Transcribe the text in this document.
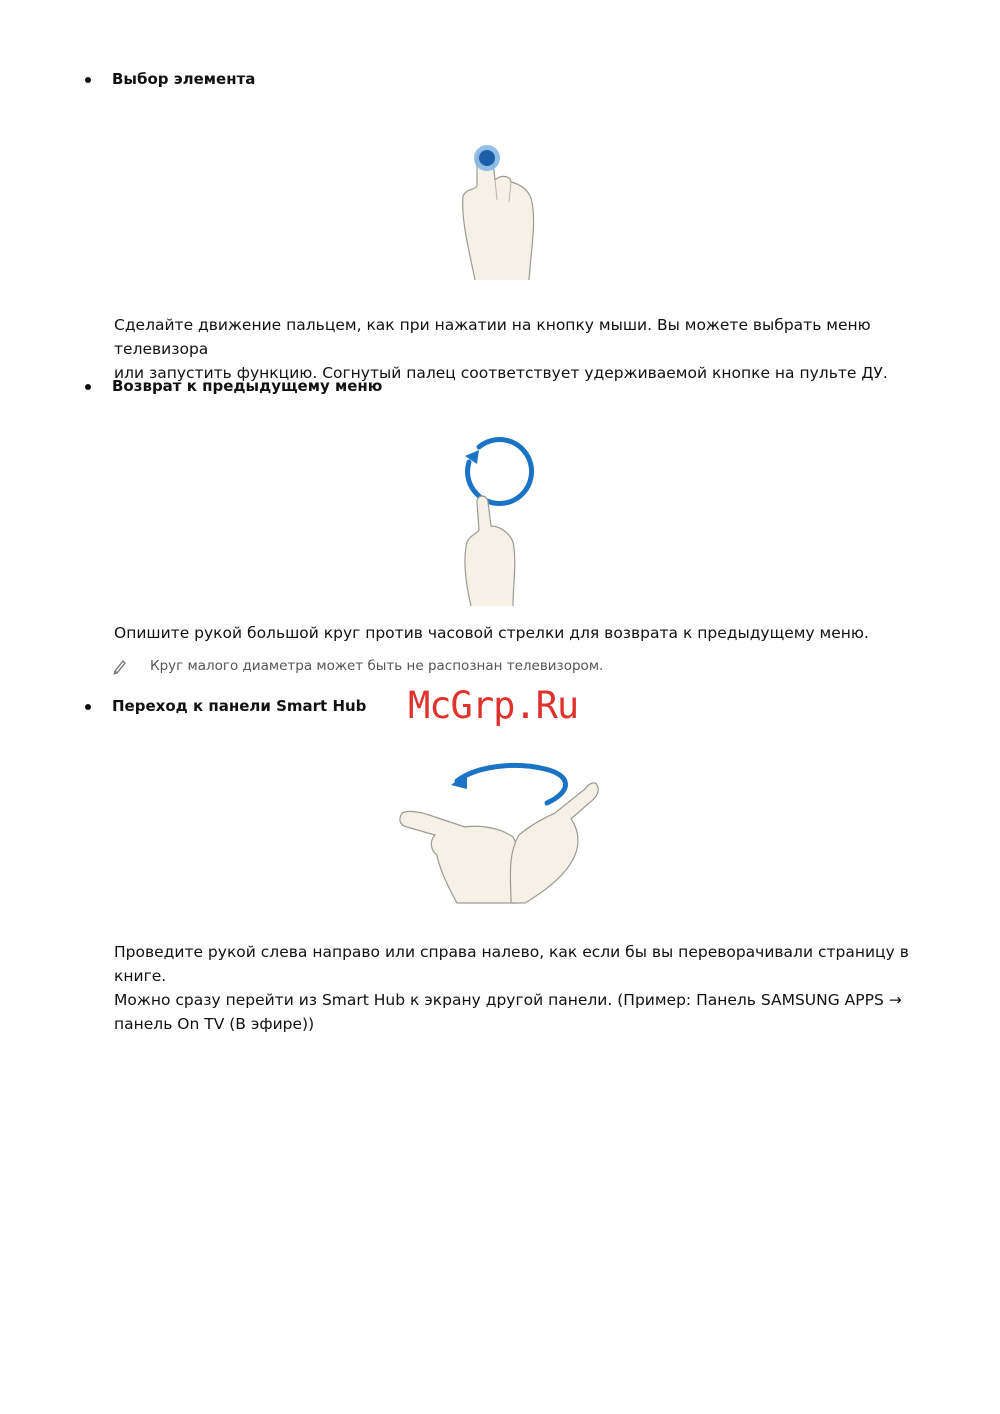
Выбор элемента
Сделайте движение пальцем, как при нажатии на кнопку мыши. Вы можете выбрать меню телевизора
или запустить функцию. Согнутый палец соответствует удерживаемой кнопке на пульте ДУ.
Возврат к предыдущему меню
Опишите рукой большой круг против часовой стрелки для возврата к предыдущему меню.
Круг малого диаметра может быть не распознан телевизором.
Переход к панели Smart Hub McGrp.Ru
Проведите рукой слева направо или справа налево, как если бы вы переворачивали страницу в книге.
Можно сразу перейти из Smart Hub к экрану другой панели. (Пример: Панель SAMSUNG APPS →
панель On TV (В эфире))
